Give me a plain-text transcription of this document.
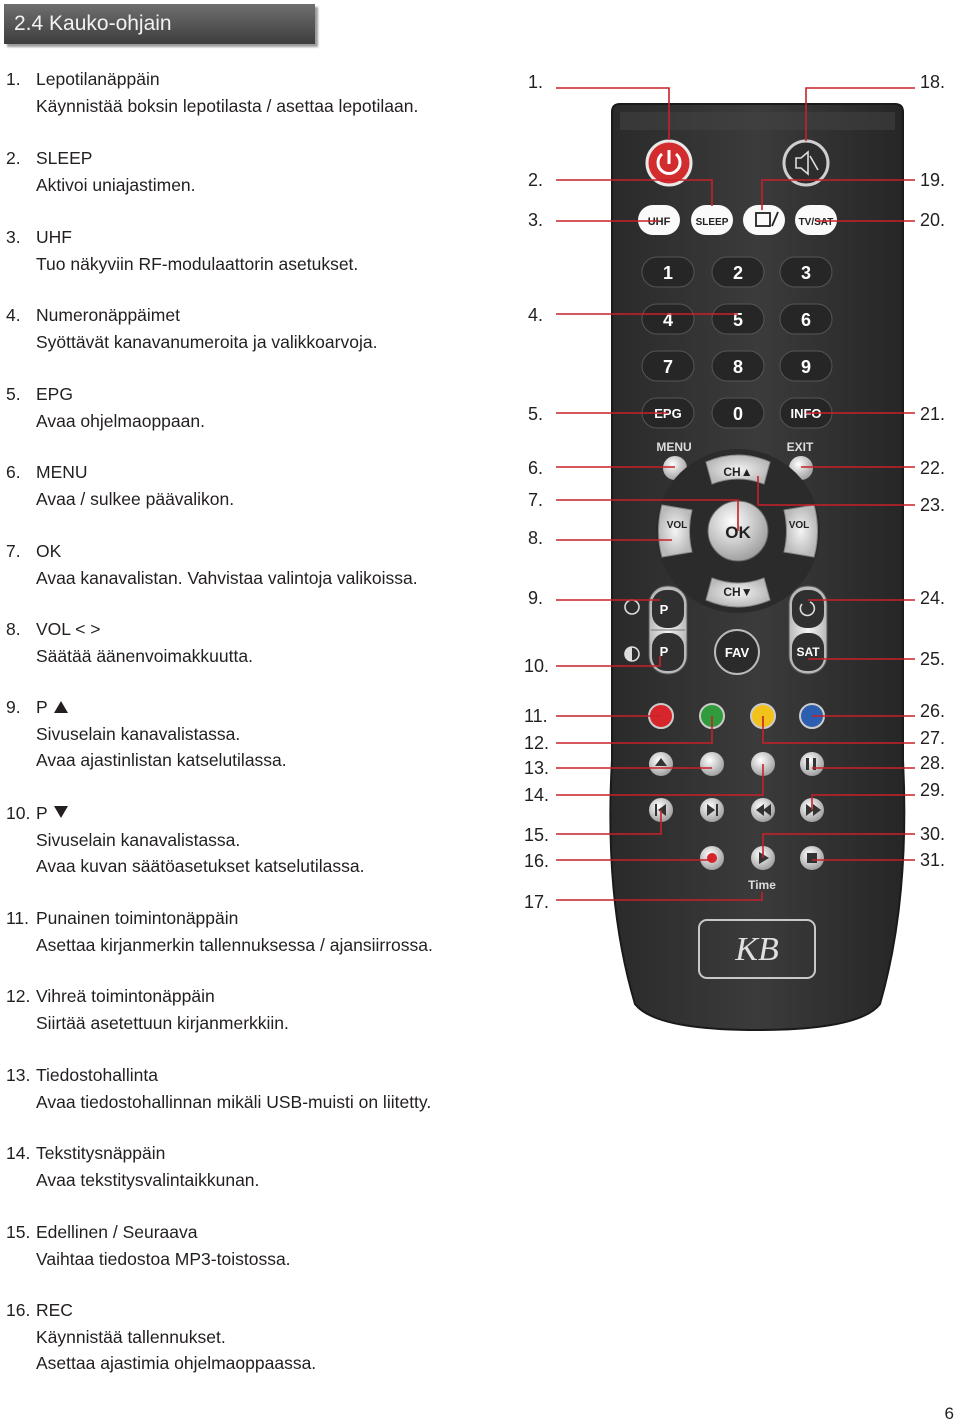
2.4 Kauko-ohjain
1. Lepotilanäppäin
Käynnistää boksin lepotilasta / asettaa lepotilaan.
2. SLEEP
Aktivoi uniajastimen.
3. UHF
Tuo näkyviin RF-modulaattorin asetukset.
4. Numeronäppäimet
Syöttävät kanavanumeroita ja valikkoarvoja.
5. EPG
Avaa ohjelmaoppaan.
6. MENU
Avaa / sulkee päävalikon.
7. OK
Avaa kanavalistan. Vahvistaa valintoja valikoissa.
8. VOL < >
Säätää äänenvoimakkuutta.
9. P
Sivuselain kanavalistassa.
Avaa ajastinlistan katselutilassa.
10. P
Sivuselain kanavalistassa.
Avaa kuvan säätöasetukset katselutilassa.
11. Punainen toimintonäppäin
Asettaa kirjanmerkin tallennuksessa / ajansiirrossa.
12. Vihreä toimintonäppäin
Siirtää asetettuun kirjanmerkkiin.
13. Tiedostohallinta
Avaa tiedostohallinnan mikäli USB-muisti on liitetty.
14. Tekstitysnäppäin
Avaa tekstitysvalintaikkunan.
15. Edellinen / Seuraava
Vaihtaa tiedostoa MP3-toistossa.
16. REC
Käynnistää tallennukset.
Asettaa ajastimia ohjelmaoppaassa.
UHF	SLEEP	TV/SAT
1	2	3
4	5	6
7	8	9
EPG	0	INFO
MENU	EXIT
CH▲
CH▼
VOL	VOL
OK
P
P	FAV	SAT
Time
KB
1.
2.
3.
4.
5.
6.
7.
8.
9.
10.
11.
12.
13.
14.
15.
16.
17.
18.
19.
20.
21.
22.
23.
24.
25.
26.
27.
28.
29.
30.
31.
6
